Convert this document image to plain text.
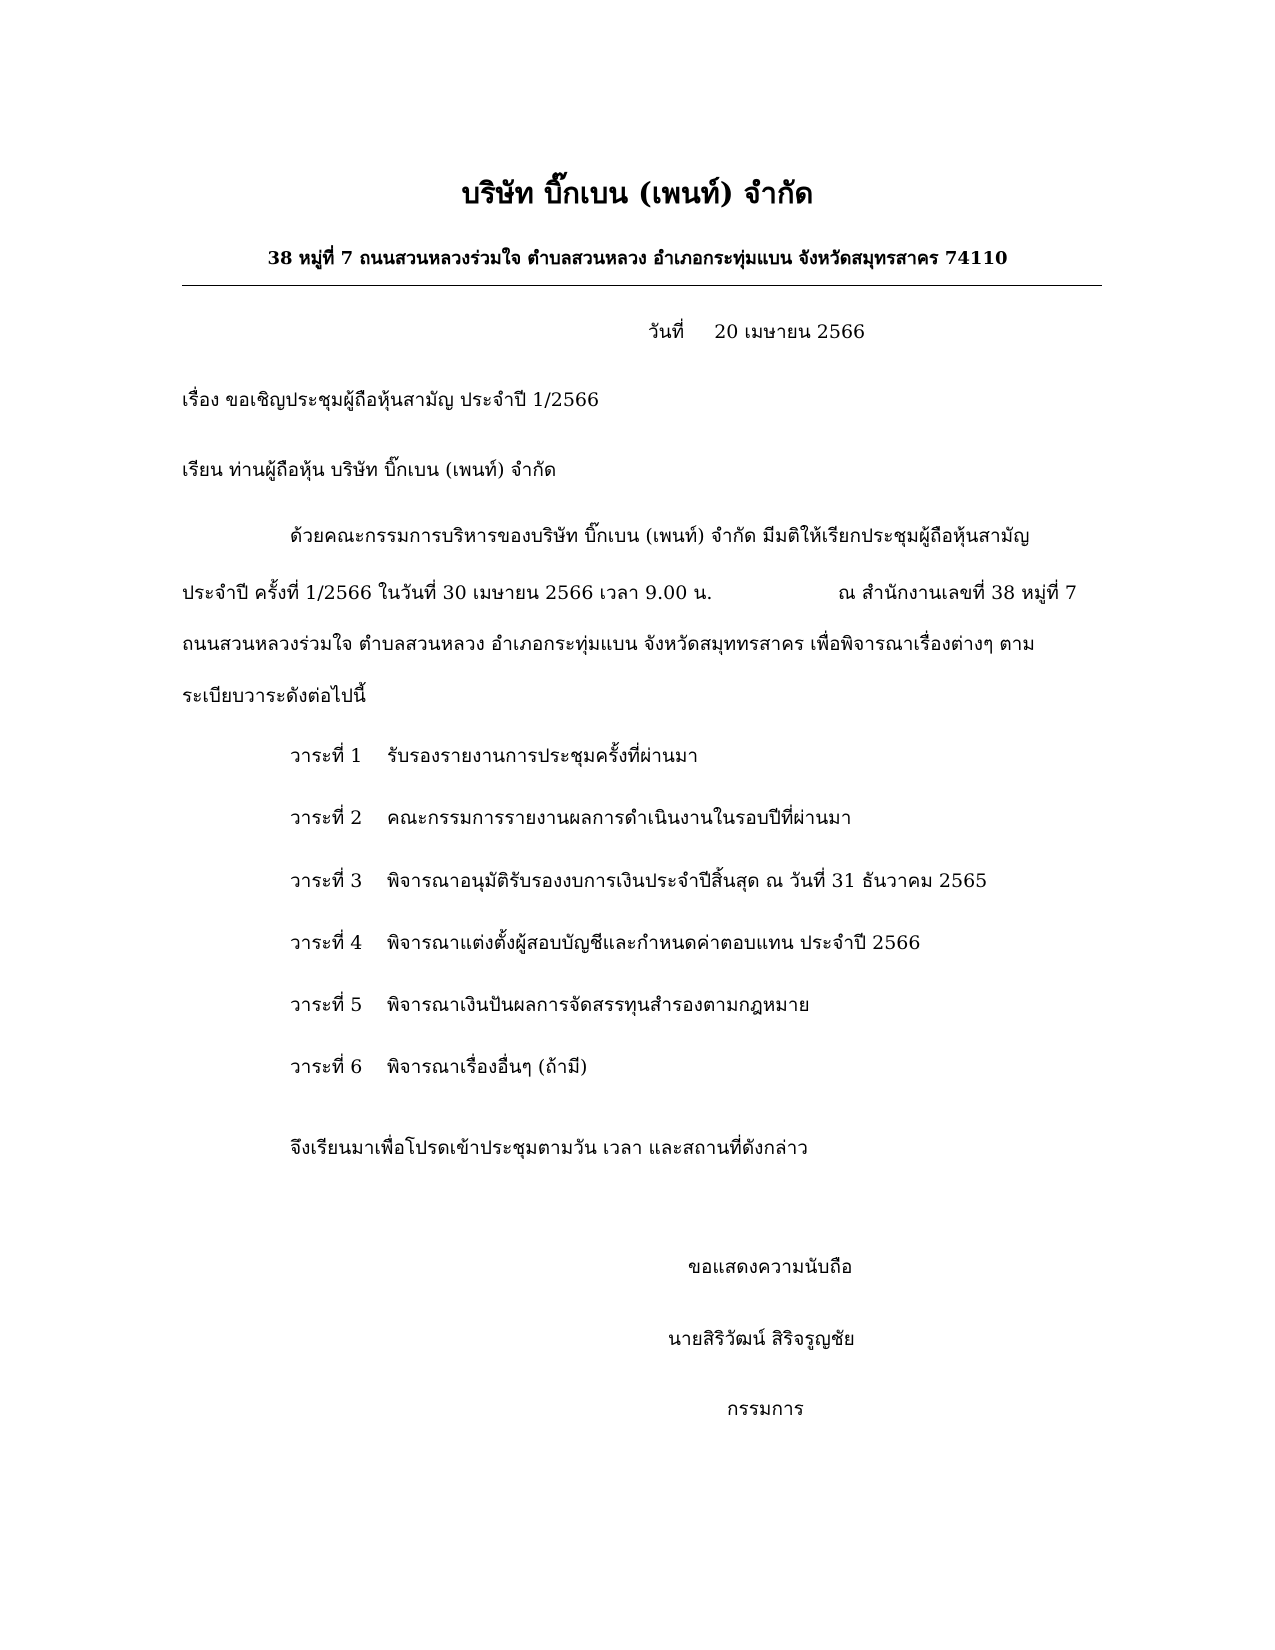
บริษัท บิ๊กเบน (เพนท์) จำกัด
38 หมู่ที่ 7 ถนนสวนหลวงร่วมใจ ตำบลสวนหลวง อำเภอกระทุ่มแบน จังหวัดสมุทรสาคร 74110
วันที่ 20 เมษายน 2566
เรื่อง ขอเชิญประชุมผู้ถือหุ้นสามัญ ประจำปี 1/2566
เรียน ท่านผู้ถือหุ้น บริษัท บิ๊กเบน (เพนท์) จำกัด
ด้วยคณะกรรมการบริหารของบริษัท บิ๊กเบน (เพนท์) จำกัด มีมติให้เรียกประชุมผู้ถือหุ้นสามัญ
ประจำปี ครั้งที่ 1/2566 ในวันที่ 30 เมษายน 2566 เวลา 9.00 น.	ณ สำนักงานเลขที่ 38 หมู่ที่ 7
ถนนสวนหลวงร่วมใจ ตำบลสวนหลวง อำเภอกระทุ่มแบน จังหวัดสมุททรสาคร เพื่อพิจารณาเรื่องต่างๆ ตาม
ระเบียบวาระดังต่อไปนี้
วาระที่ 1 รับรองรายงานการประชุมครั้งที่ผ่านมา
วาระที่ 2 คณะกรรมการรายงานผลการดำเนินงานในรอบปีที่ผ่านมา
วาระที่ 3 พิจารณาอนุมัติรับรองงบการเงินประจำปีสิ้นสุด ณ วันที่ 31 ธันวาคม 2565
วาระที่ 4 พิจารณาแต่งตั้งผู้สอบบัญชีและกำหนดค่าตอบแทน ประจำปี 2566
วาระที่ 5 พิจารณาเงินปันผลการจัดสรรทุนสำรองตามกฎหมาย
วาระที่ 6 พิจารณาเรื่องอื่นๆ (ถ้ามี)
จึงเรียนมาเพื่อโปรดเข้าประชุมตามวัน เวลา และสถานที่ดังกล่าว
ขอแสดงความนับถือ
นายสิริวัฒน์ สิริจรูญชัย
กรรมการ
